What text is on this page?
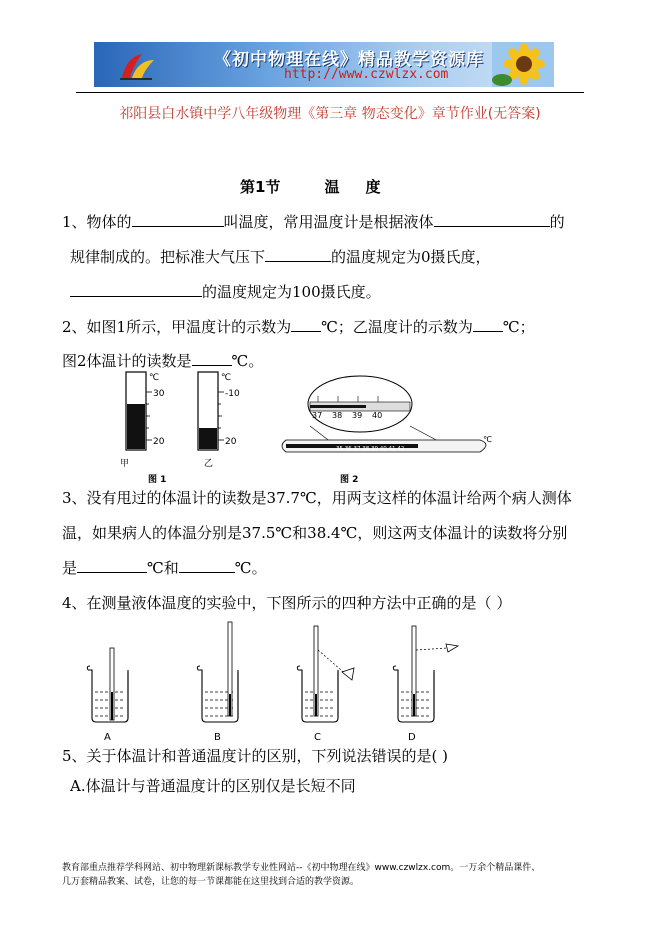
《初中物理在线》精品教学资源库
http://www.czwlzx.com
祁阳县白水镇中学八年级物理《第三章 物态变化》章节作业(无答案)
第1节	温 度
1、物体的	叫温度，常用温度计是根据液体	的
规律制成的。把标准大气压下	的温度规定为0摄氏度，
的温度规定为100摄氏度。
2、如图1所示，甲温度计的示数为 ℃；乙温度计的示数为 ℃；
图2体温计的读数是	℃。
℃
30
20
甲
℃
-10
20
乙
图 1
37 38 39 40
35 36 37 38 39 40 41 42
℃
图 2
3、没有甩过的体温计的读数是37.7℃，用两支这样的体温计给两个病人测体
温，如果病人的体温分别是37.5℃和38.4℃，则这两支体温计的读数将分别
是	℃和	℃。
4、在测量液体温度的实验中，下图所示的四种方法中正确的是（ ）
A	B	C	D
5、关于体温计和普通温度计的区别，下列说法错误的是( )
A.体温计与普通温度计的区别仅是长短不同
教育部重点推荐学科网站、初中物理新课标教学专业性网站--《初中物理在线》www.czwlzx.com。一万余个精品课件、
几万套精品教案、试卷，让您的每一节课都能在这里找到合适的教学资源。
